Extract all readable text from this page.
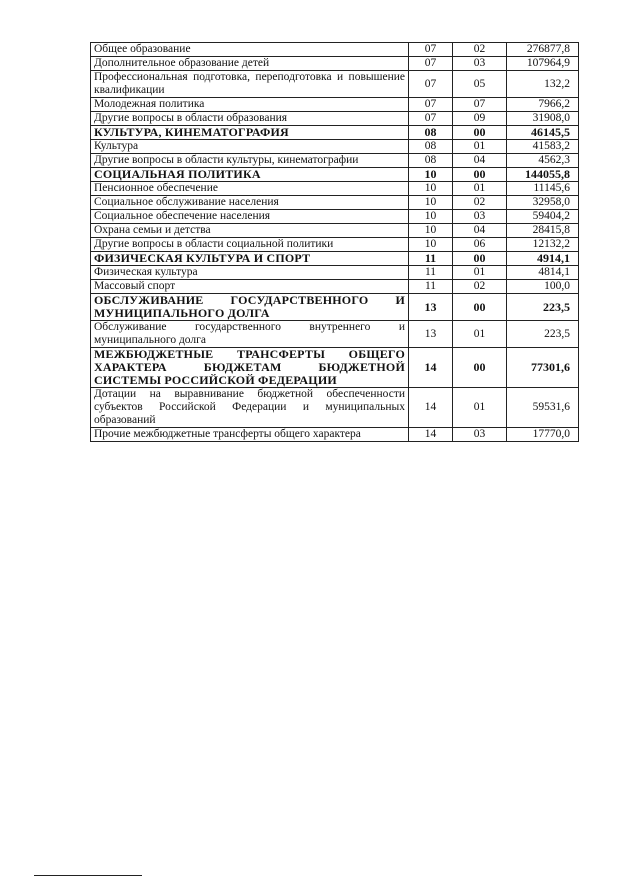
Общее образование	07	02	276877,8
Дополнительное образование детей	07	03	107964,9
Профессиональная подготовка, переподготовка и повышение квалификации	07	05	132,2
Молодежная политика	07	07	7966,2
Другие вопросы в области образования	07	09	31908,0
КУЛЬТУРА, КИНЕМАТОГРАФИЯ	08	00	46145,5
Культура	08	01	41583,2
Другие вопросы в области культуры, кинематографии	08	04	4562,3
СОЦИАЛЬНАЯ ПОЛИТИКА	10	00	144055,8
Пенсионное обеспечение	10	01	11145,6
Социальное обслуживание населения	10	02	32958,0
Социальное обеспечение населения	10	03	59404,2
Охрана семьи и детства	10	04	28415,8
Другие вопросы в области социальной политики	10	06	12132,2
ФИЗИЧЕСКАЯ КУЛЬТУРА И СПОРТ	11	00	4914,1
Физическая культура	11	01	4814,1
Массовый спорт	11	02	100,0
ОБСЛУЖИВАНИЕ ГОСУДАРСТВЕННОГО И МУНИЦИПАЛЬНОГО ДОЛГА	13	00	223,5
Обслуживание государственного внутреннего и муниципального долга	13	01	223,5
МЕЖБЮДЖЕТНЫЕ ТРАНСФЕРТЫ ОБЩЕГО ХАРАКТЕРА БЮДЖЕТАМ БЮДЖЕТНОЙ СИСТЕМЫ РОССИЙСКОЙ ФЕДЕРАЦИИ	14	00	77301,6
Дотации на выравнивание бюджетной обеспеченности субъектов Российской Федерации и муниципальных образований	14	01	59531,6
Прочие межбюджетные трансферты общего характера	14	03	17770,0
